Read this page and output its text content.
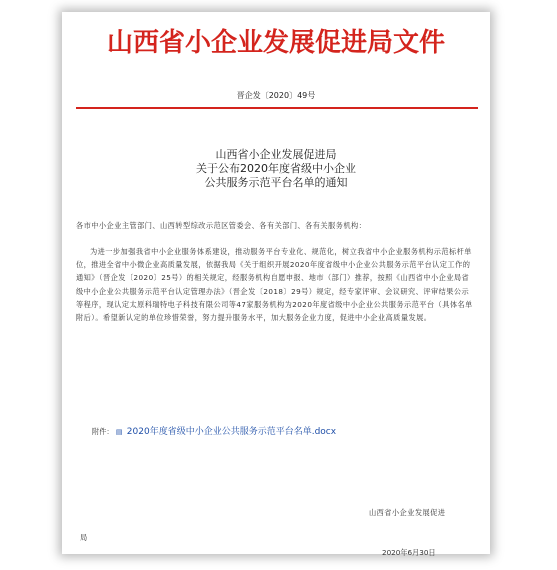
山西省小企业发展促进局文件
晋企发〔2020〕49号
山西省小企业发展促进局
关于公布2020年度省级中小企业
公共服务示范平台名单的通知
各市中小企业主管部门、山西转型综改示范区管委会、各有关部门、各有关服务机构：
为进一步加强我省中小企业服务体系建设，推动服务平台专业化、规范化，树立我省中小企业服务机构示范标杆单位，推进全省中小微企业高质量发展，依据我局《关于组织开展2020年度省级中小企业公共服务示范平台认定工作的通知》（晋企发〔2020〕25号）的相关规定，经服务机构自愿申报、地市（部门）推荐，按照《山西省中小企业局省级中小企业公共服务示范平台认定管理办法》（晋企发〔2018〕29号）规定，经专家评审、会议研究、评审结果公示等程序，现认定太原科瑞特电子科技有限公司等47家服务机构为2020年度省级中小企业公共服务示范平台（具体名单附后）。希望新认定的单位珍惜荣誉，努力提升服务水平，加大服务企业力度，促进中小企业高质量发展。
附件： ▤ 2020年度省级中小企业公共服务示范平台名单.docx
山西省小企业发展促进
局
2020年6月30日
